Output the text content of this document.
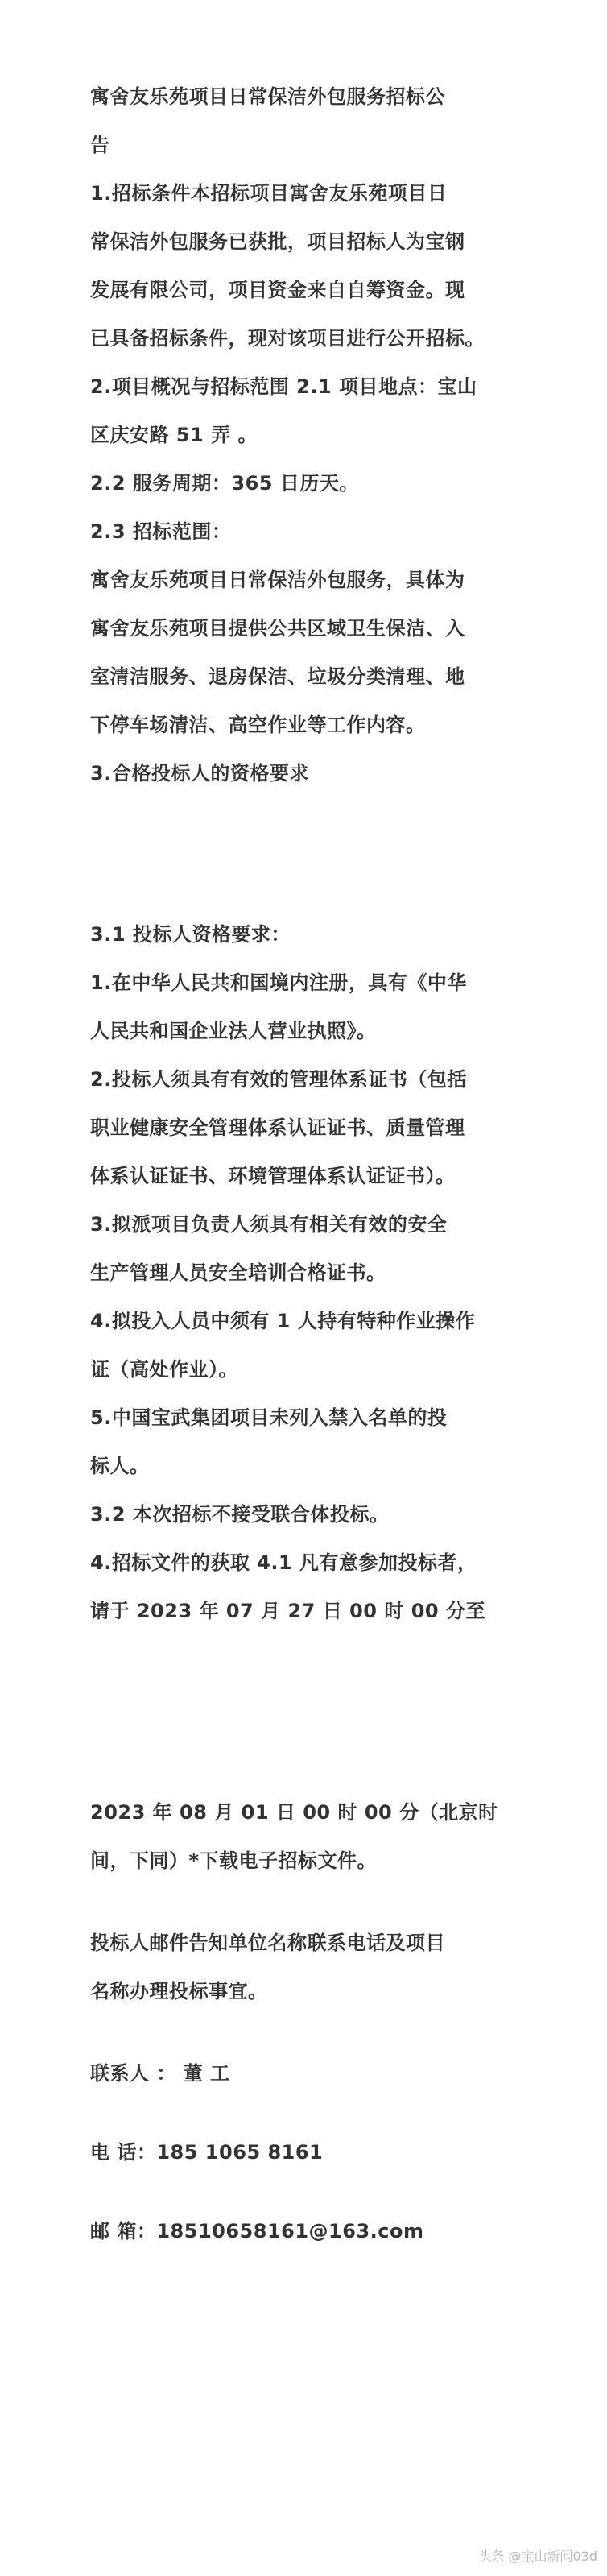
寓舍友乐苑项目日常保洁外包服务招标公
告
1.招标条件本招标项目寓舍友乐苑项目日
常保洁外包服务已获批，项目招标人为宝钢
发展有限公司，项目资金来自自筹资金。现
已具备招标条件，现对该项目进行公开招标。
2.项目概况与招标范围 2.1 项目地点：宝山
区庆安路 51 弄 。
2.2 服务周期：365 日历天。
2.3 招标范围：
寓舍友乐苑项目日常保洁外包服务，具体为
寓舍友乐苑项目提供公共区域卫生保洁、入
室清洁服务、退房保洁、垃圾分类清理、地
下停车场清洁、高空作业等工作内容。
3.合格投标人的资格要求
3.1 投标人资格要求：
1.在中华人民共和国境内注册，具有《中华
人民共和国企业法人营业执照》。
2.投标人须具有有效的管理体系证书（包括
职业健康安全管理体系认证证书、质量管理
体系认证证书、环境管理体系认证证书）。
3.拟派项目负责人须具有相关有效的安全
生产管理人员安全培训合格证书。
4.拟投入人员中须有 1 人持有特种作业操作
证（高处作业）。
5.中国宝武集团项目未列入禁入名单的投
标人。
3.2 本次招标不接受联合体投标。
4.招标文件的获取 4.1 凡有意参加投标者，
请于 2023 年 07 月 27 日 00 时 00 分至
2023 年 08 月 01 日 00 时 00 分（北京时
间，下同）*下载电子招标文件。
投标人邮件告知单位名称联系电话及项目
名称办理投标事宜。
联系人 ： 董 工
电 话：185 1065 8161
邮 箱：18510658161@163.com
头条 @宝山新闻03d
